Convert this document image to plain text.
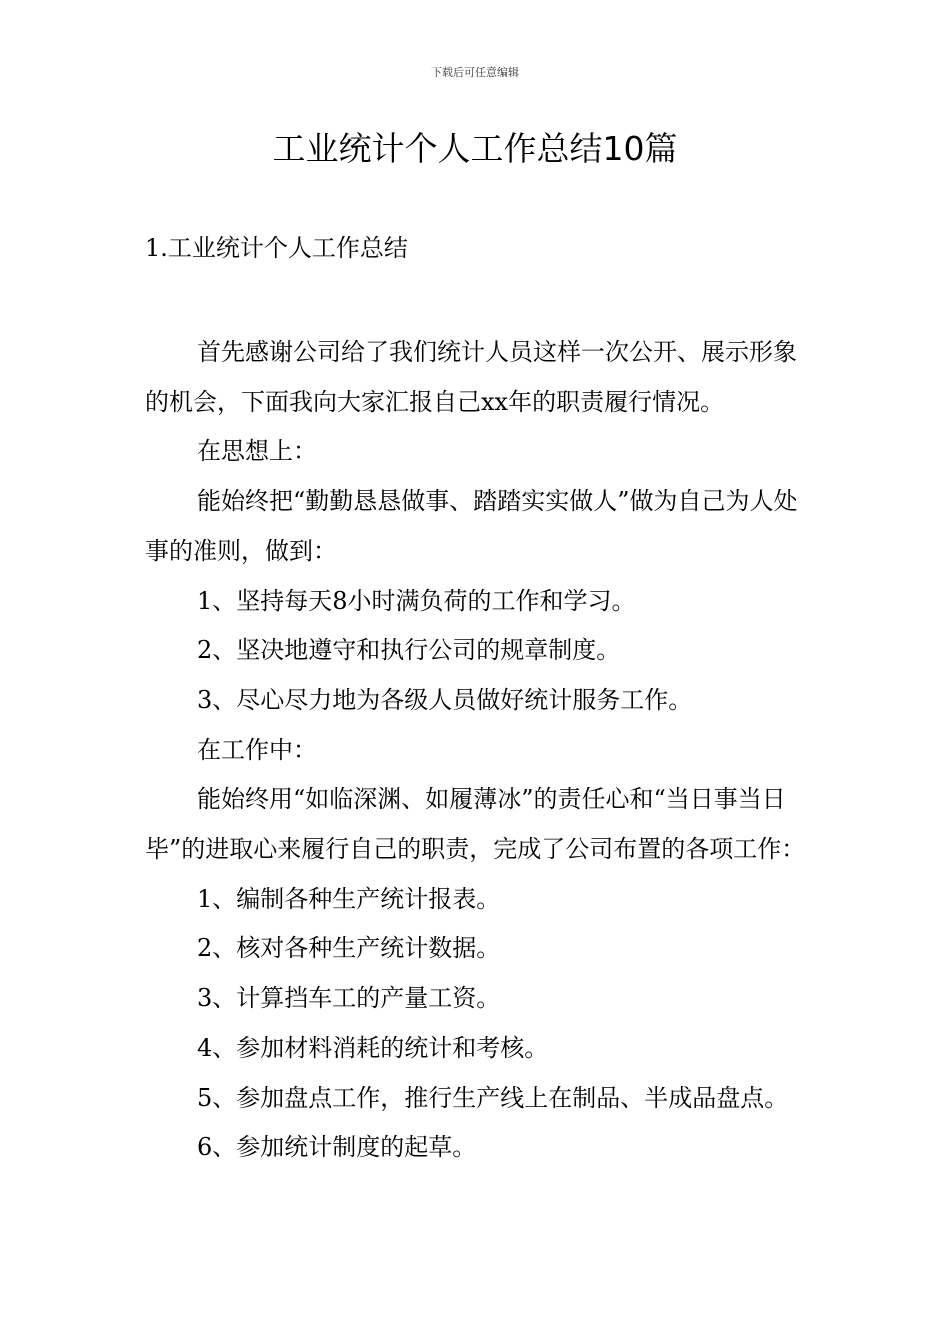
下载后可任意编辑
工业统计个人工作总结10篇
1.工业统计个人工作总结

首先感谢公司给了我们统计人员这样一次公开、展示形象的机会，下面我向大家汇报自己xx年的职责履行情况。

在思想上：

能始终把“勤勤恳恳做事、踏踏实实做人”做为自己为人处事的准则，做到：

1、坚持每天8小时满负荷的工作和学习。

2、坚决地遵守和执行公司的规章制度。

3、尽心尽力地为各级人员做好统计服务工作。

在工作中：

能始终用“如临深渊、如履薄冰”的责任心和“当日事当日毕”的进取心来履行自己的职责，完成了公司布置的各项工作：

1、编制各种生产统计报表。

2、核对各种生产统计数据。

3、计算挡车工的产量工资。

4、参加材料消耗的统计和考核。

5、参加盘点工作，推行生产线上在制品、半成品盘点。

6、参加统计制度的起草。
